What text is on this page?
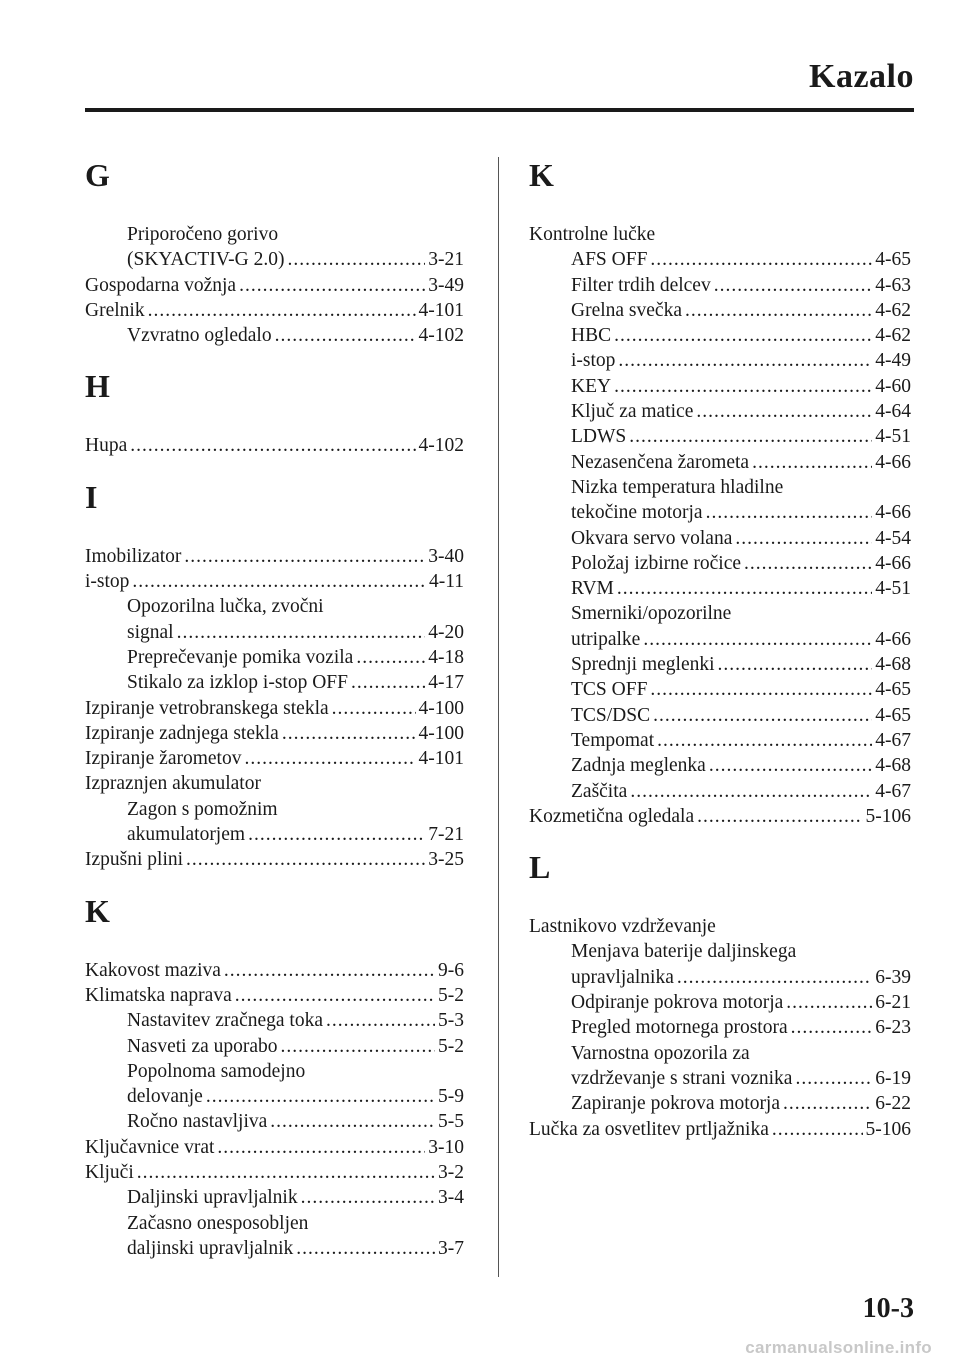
Kazalo
G
Priporočeno gorivo
(SKYACTIV-G 2.0) .....	3-21
Gospodarna vožnja .....	3-49
Grelnik .....	4-101
Vzvratno ogledalo .....	4-102
H
Hupa .....	4-102
I
Imobilizator .....	3-40
i-stop .....	4-11
Opozorilna lučka, zvočni
signal .....	4-20
Preprečevanje pomika vozila .....	4-18
Stikalo za izklop i-stop OFF .....	4-17
Izpiranje vetrobranskega stekla .....	4-100
Izpiranje zadnjega stekla .....	4-100
Izpiranje žarometov .....	4-101
Izpraznjen akumulator
Zagon s pomožnim
akumulatorjem .....	7-21
Izpušni plini .....	3-25
K
Kakovost maziva .....	9-6
Klimatska naprava .....	5-2
Nastavitev zračnega toka .....	5-3
Nasveti za uporabo .....	5-2
Popolnoma samodejno
delovanje .....	5-9
Ročno nastavljiva .....	5-5
Ključavnice vrat .....	3-10
Ključi .....	3-2
Daljinski upravljalnik .....	3-4
Začasno onesposobljen
daljinski upravljalnik .....	3-7
K
Kontrolne lučke
AFS OFF .....	4-65
Filter trdih delcev .....	4-63
Grelna svečka .....	4-62
HBC .....	4-62
i-stop .....	4-49
KEY .....	4-60
Ključ za matice .....	4-64
LDWS .....	4-51
Nezasenčena žarometa .....	4-66
Nizka temperatura hladilne
tekočine motorja .....	4-66
Okvara servo volana .....	4-54
Položaj izbirne ročice .....	4-66
RVM .....	4-51
Smerniki/opozorilne
utripalke .....	4-66
Sprednji meglenki .....	4-68
TCS OFF .....	4-65
TCS/DSC .....	4-65
Tempomat .....	4-67
Zadnja meglenka .....	4-68
Zaščita .....	4-67
Kozmetična ogledala .....	5-106
L
Lastnikovo vzdrževanje
Menjava baterije daljinskega
upravljalnika .....	6-39
Odpiranje pokrova motorja .....	6-21
Pregled motornega prostora .....	6-23
Varnostna opozorila za
vzdrževanje s strani voznika .....	6-19
Zapiranje pokrova motorja .....	6-22
Lučka za osvetlitev prtljažnika .....	5-106
10-3
carmanualsonline.info
